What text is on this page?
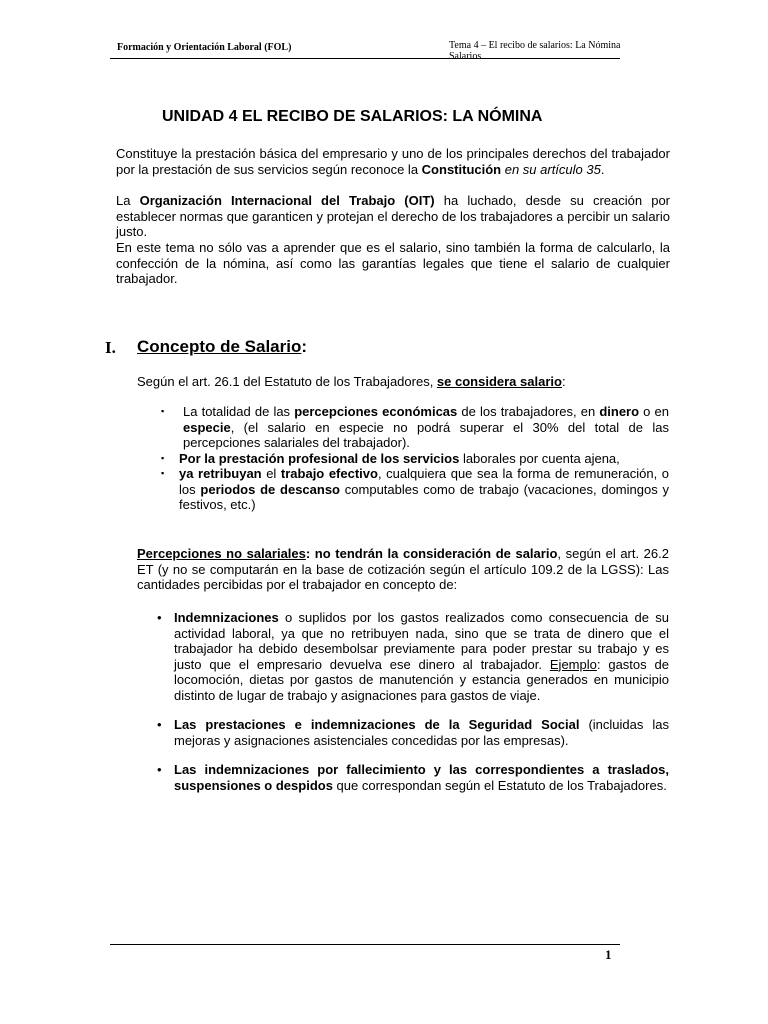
Formación y Orientación Laboral (FOL)	Tema 4 – El recibo de salarios: La Nómina

Salarios
UNIDAD 4 EL RECIBO DE SALARIOS: LA NÓMINA
Constituye la prestación básica del empresario y uno de los principales derechos del trabajador por la prestación de sus servicios según reconoce la Constitución en su artículo 35.
La Organización Internacional del Trabajo (OIT) ha luchado, desde su creación por establecer normas que garanticen y protejan el derecho de los trabajadores a percibir un salario justo.
En este tema no sólo vas a aprender que es el salario, sino también la forma de calcularlo, la confección de la nómina, así como las garantías legales que tiene el salario de cualquier trabajador.
I. Concepto de Salario:
Según el art. 26.1 del Estatuto de los Trabajadores, se considera salario:
▪	La totalidad de las percepciones económicas de los trabajadores, en dinero o en especie, (el salario en especie no podrá superar el 30% del total de las percepciones salariales del trabajador).
▪	Por la prestación profesional de los servicios laborales por cuenta ajena,
▪	ya retribuyan el trabajo efectivo, cualquiera que sea la forma de remuneración, o los periodos de descanso computables como de trabajo (vacaciones, domingos y festivos, etc.)
Percepciones no salariales: no tendrán la consideración de salario, según el art. 26.2 ET (y no se computarán en la base de cotización según el artículo 109.2 de la LGSS): Las cantidades percibidas por el trabajador en concepto de:
• Indemnizaciones o suplidos por los gastos realizados como consecuencia de su actividad laboral, ya que no retribuyen nada, sino que se trata de dinero que el trabajador ha debido desembolsar previamente para poder prestar su trabajo y es justo que el empresario devuelva ese dinero al trabajador. Ejemplo: gastos de locomoción, dietas por gastos de manutención y estancia generados en municipio distinto de lugar de trabajo y asignaciones para gastos de viaje.
• Las prestaciones e indemnizaciones de la Seguridad Social (incluidas las mejoras y asignaciones asistenciales concedidas por las empresas).
• Las indemnizaciones por fallecimiento y las correspondientes a traslados, suspensiones o despidos que correspondan según el Estatuto de los Trabajadores.
1
